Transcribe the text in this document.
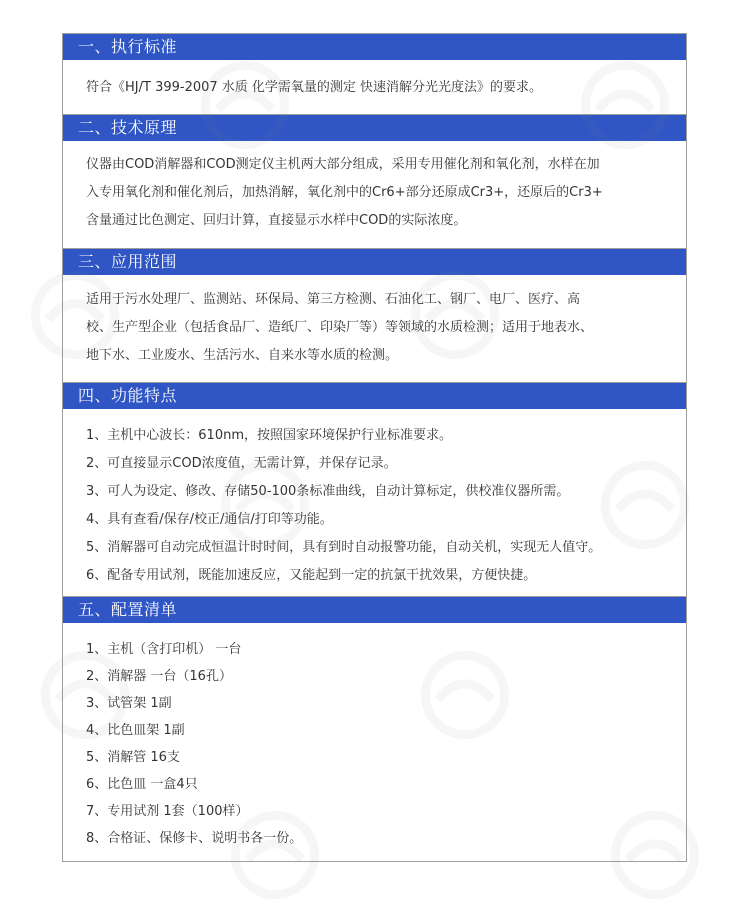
一、执行标准
符合《HJ/T 399-2007 水质 化学需氧量的测定 快速消解分光光度法》的要求。
二、技术原理
仪器由COD消解器和COD测定仪主机两大部分组成，采用专用催化剂和氧化剂，水样在加
入专用氧化剂和催化剂后，加热消解，氧化剂中的Cr6+部分还原成Cr3+，还原后的Cr3+
含量通过比色测定、回归计算，直接显示水样中COD的实际浓度。
三、应用范围
适用于污水处理厂、监测站、环保局、第三方检测、石油化工、钢厂、电厂、医疗、高
校、生产型企业（包括食品厂、造纸厂、印染厂等）等领域的水质检测；适用于地表水、
地下水、工业废水、生活污水、自来水等水质的检测。
四、功能特点
1、主机中心波长：610nm，按照国家环境保护行业标准要求。
2、可直接显示COD浓度值，无需计算，并保存记录。
3、可人为设定、修改、存储50-100条标准曲线，自动计算标定，供校准仪器所需。
4、具有查看/保存/校正/通信/打印等功能。
5、消解器可自动完成恒温计时时间，具有到时自动报警功能，自动关机，实现无人值守。
6、配备专用试剂，既能加速反应，又能起到一定的抗氯干扰效果，方便快捷。
五、配置清单
1、主机（含打印机） 一台
2、消解器 一台（16孔）
3、试管架 1副
4、比色皿架 1副
5、消解管 16支
6、比色皿 一盒4只
7、专用试剂 1套（100样）
8、合格证、保修卡、说明书各一份。
